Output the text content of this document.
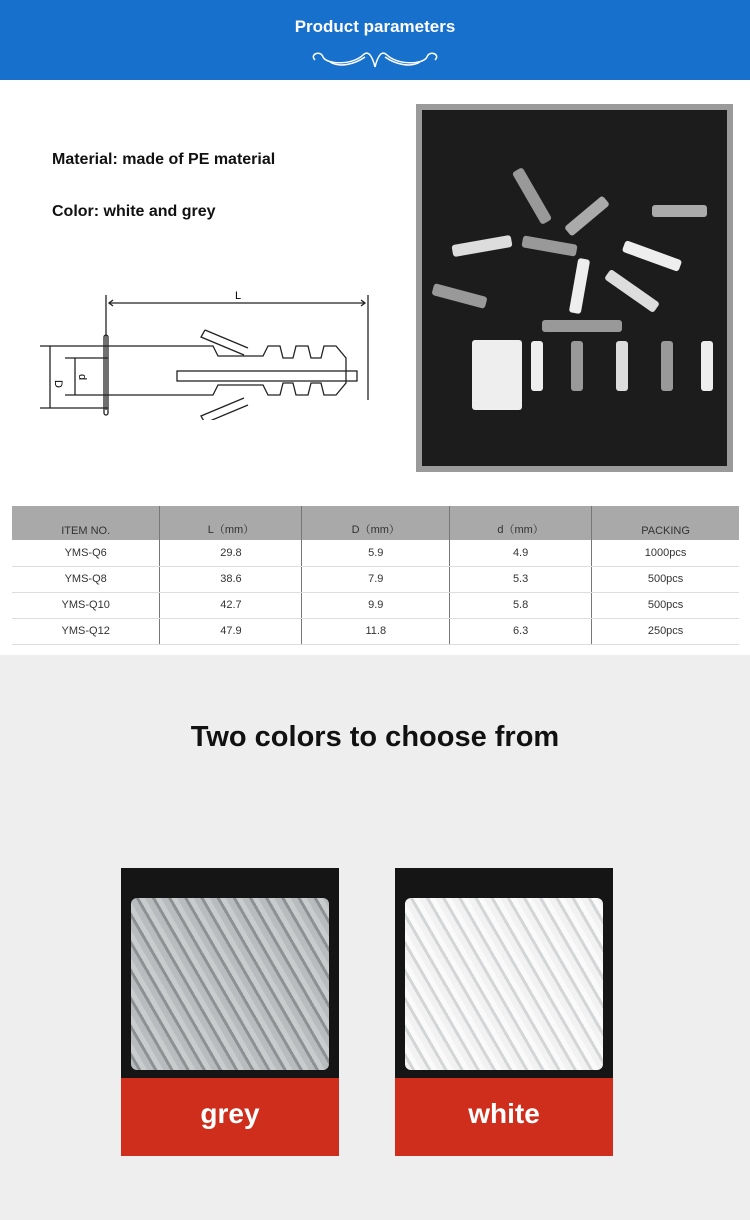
Product parameters
Material: made of PE material
Color: white and grey
L
D
d
ITEM NO.	L（mm）	D（mm）	d（mm）	PACKING
YMS-Q6	29.8	5.9	4.9	1000pcs
YMS-Q8	38.6	7.9	5.3	500pcs
YMS-Q10	42.7	9.9	5.8	500pcs
YMS-Q12	47.9	11.8	6.3	250pcs
Two colors to choose from
grey	white
